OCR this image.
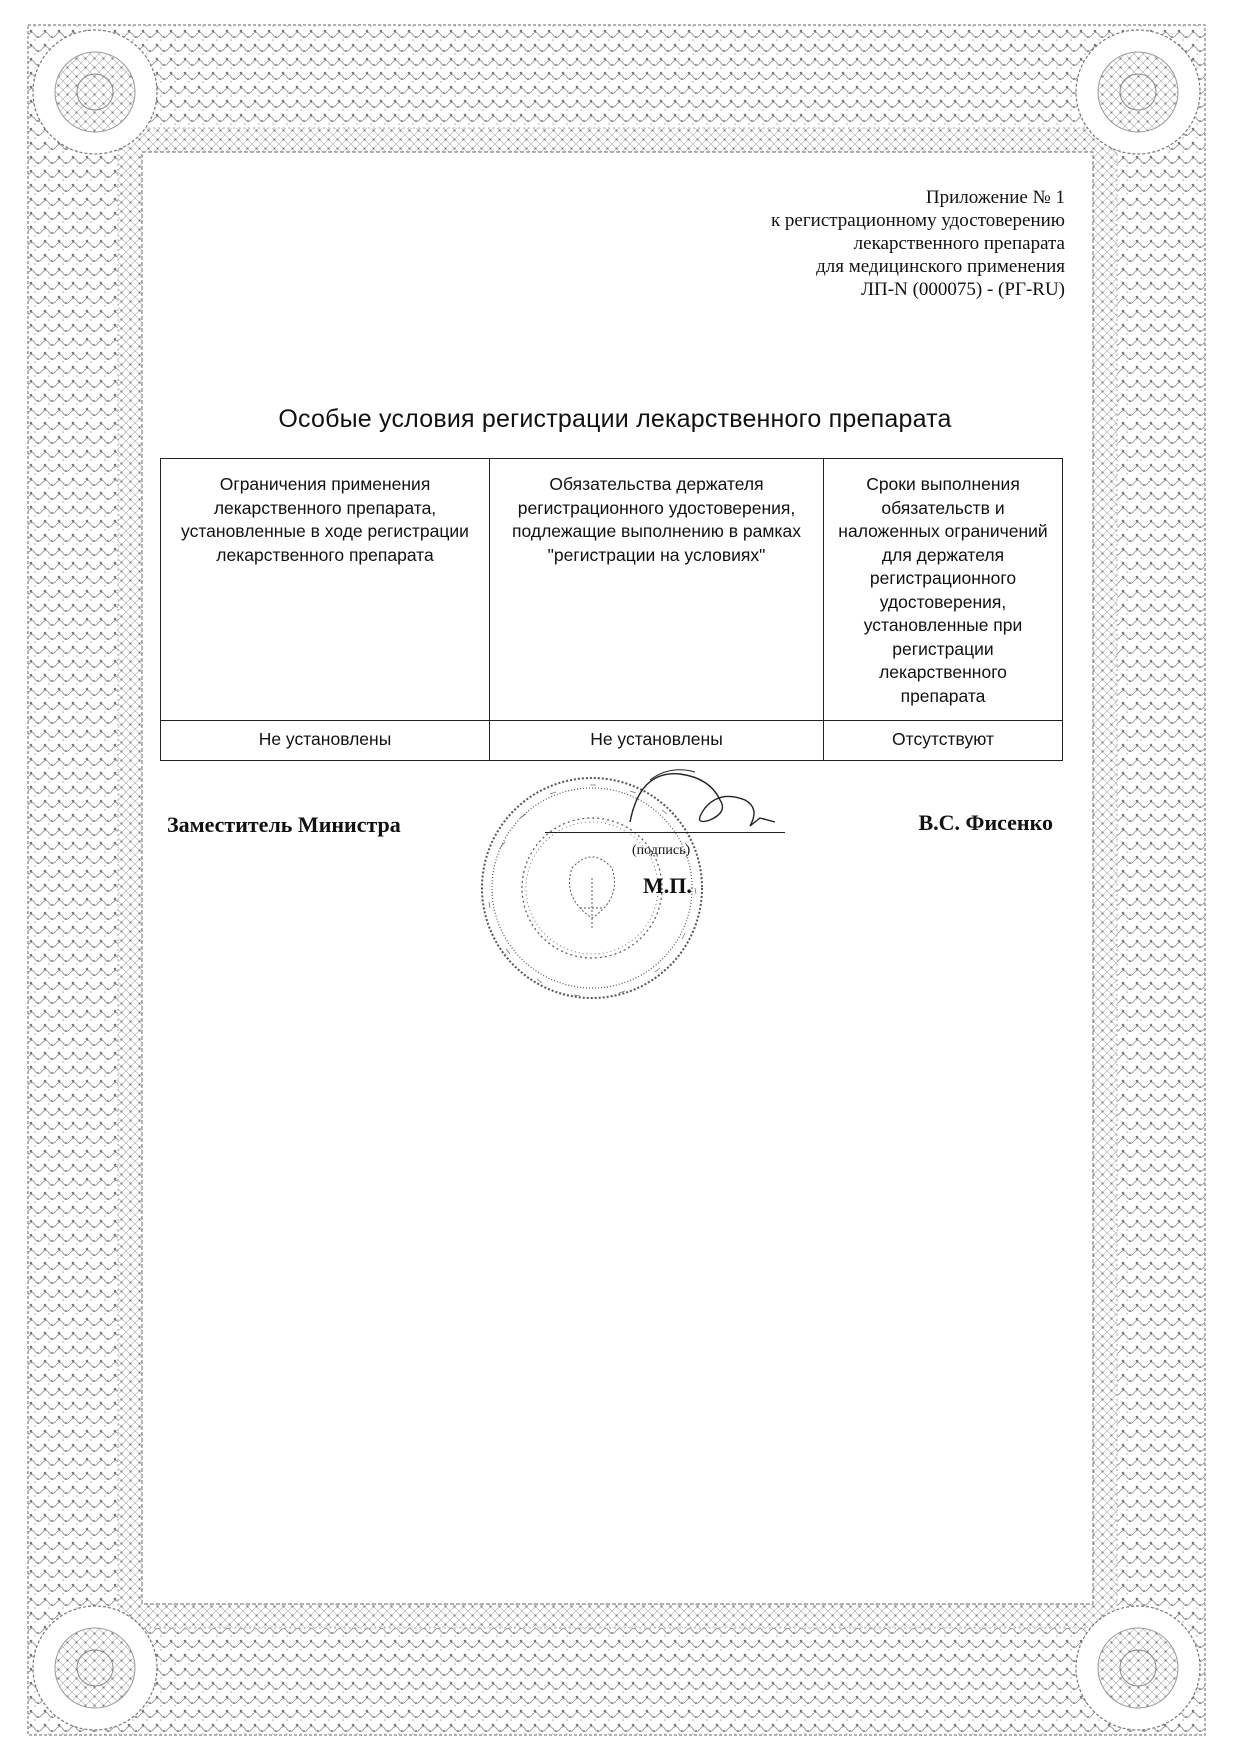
Приложение № 1
к регистрационному удостоверению
лекарственного препарата
для медицинского применения
ЛП-N (000075) - (РГ-RU)
Особые условия регистрации лекарственного препарата
Ограничения применения лекарственного препарата, установленные в ходе регистрации лекарственного препарата	Обязательства держателя регистрационного удостоверения, подлежащие выполнению в рамках "регистрации на условиях"	Сроки выполнения обязательств и наложенных ограничений для держателя регистрационного удостоверения, установленные при регистрации лекарственного препарата
Не установлены	Не установлены	Отсутствуют
Заместитель Министра
(подпись)
М.П.
В.С. Фисенко
